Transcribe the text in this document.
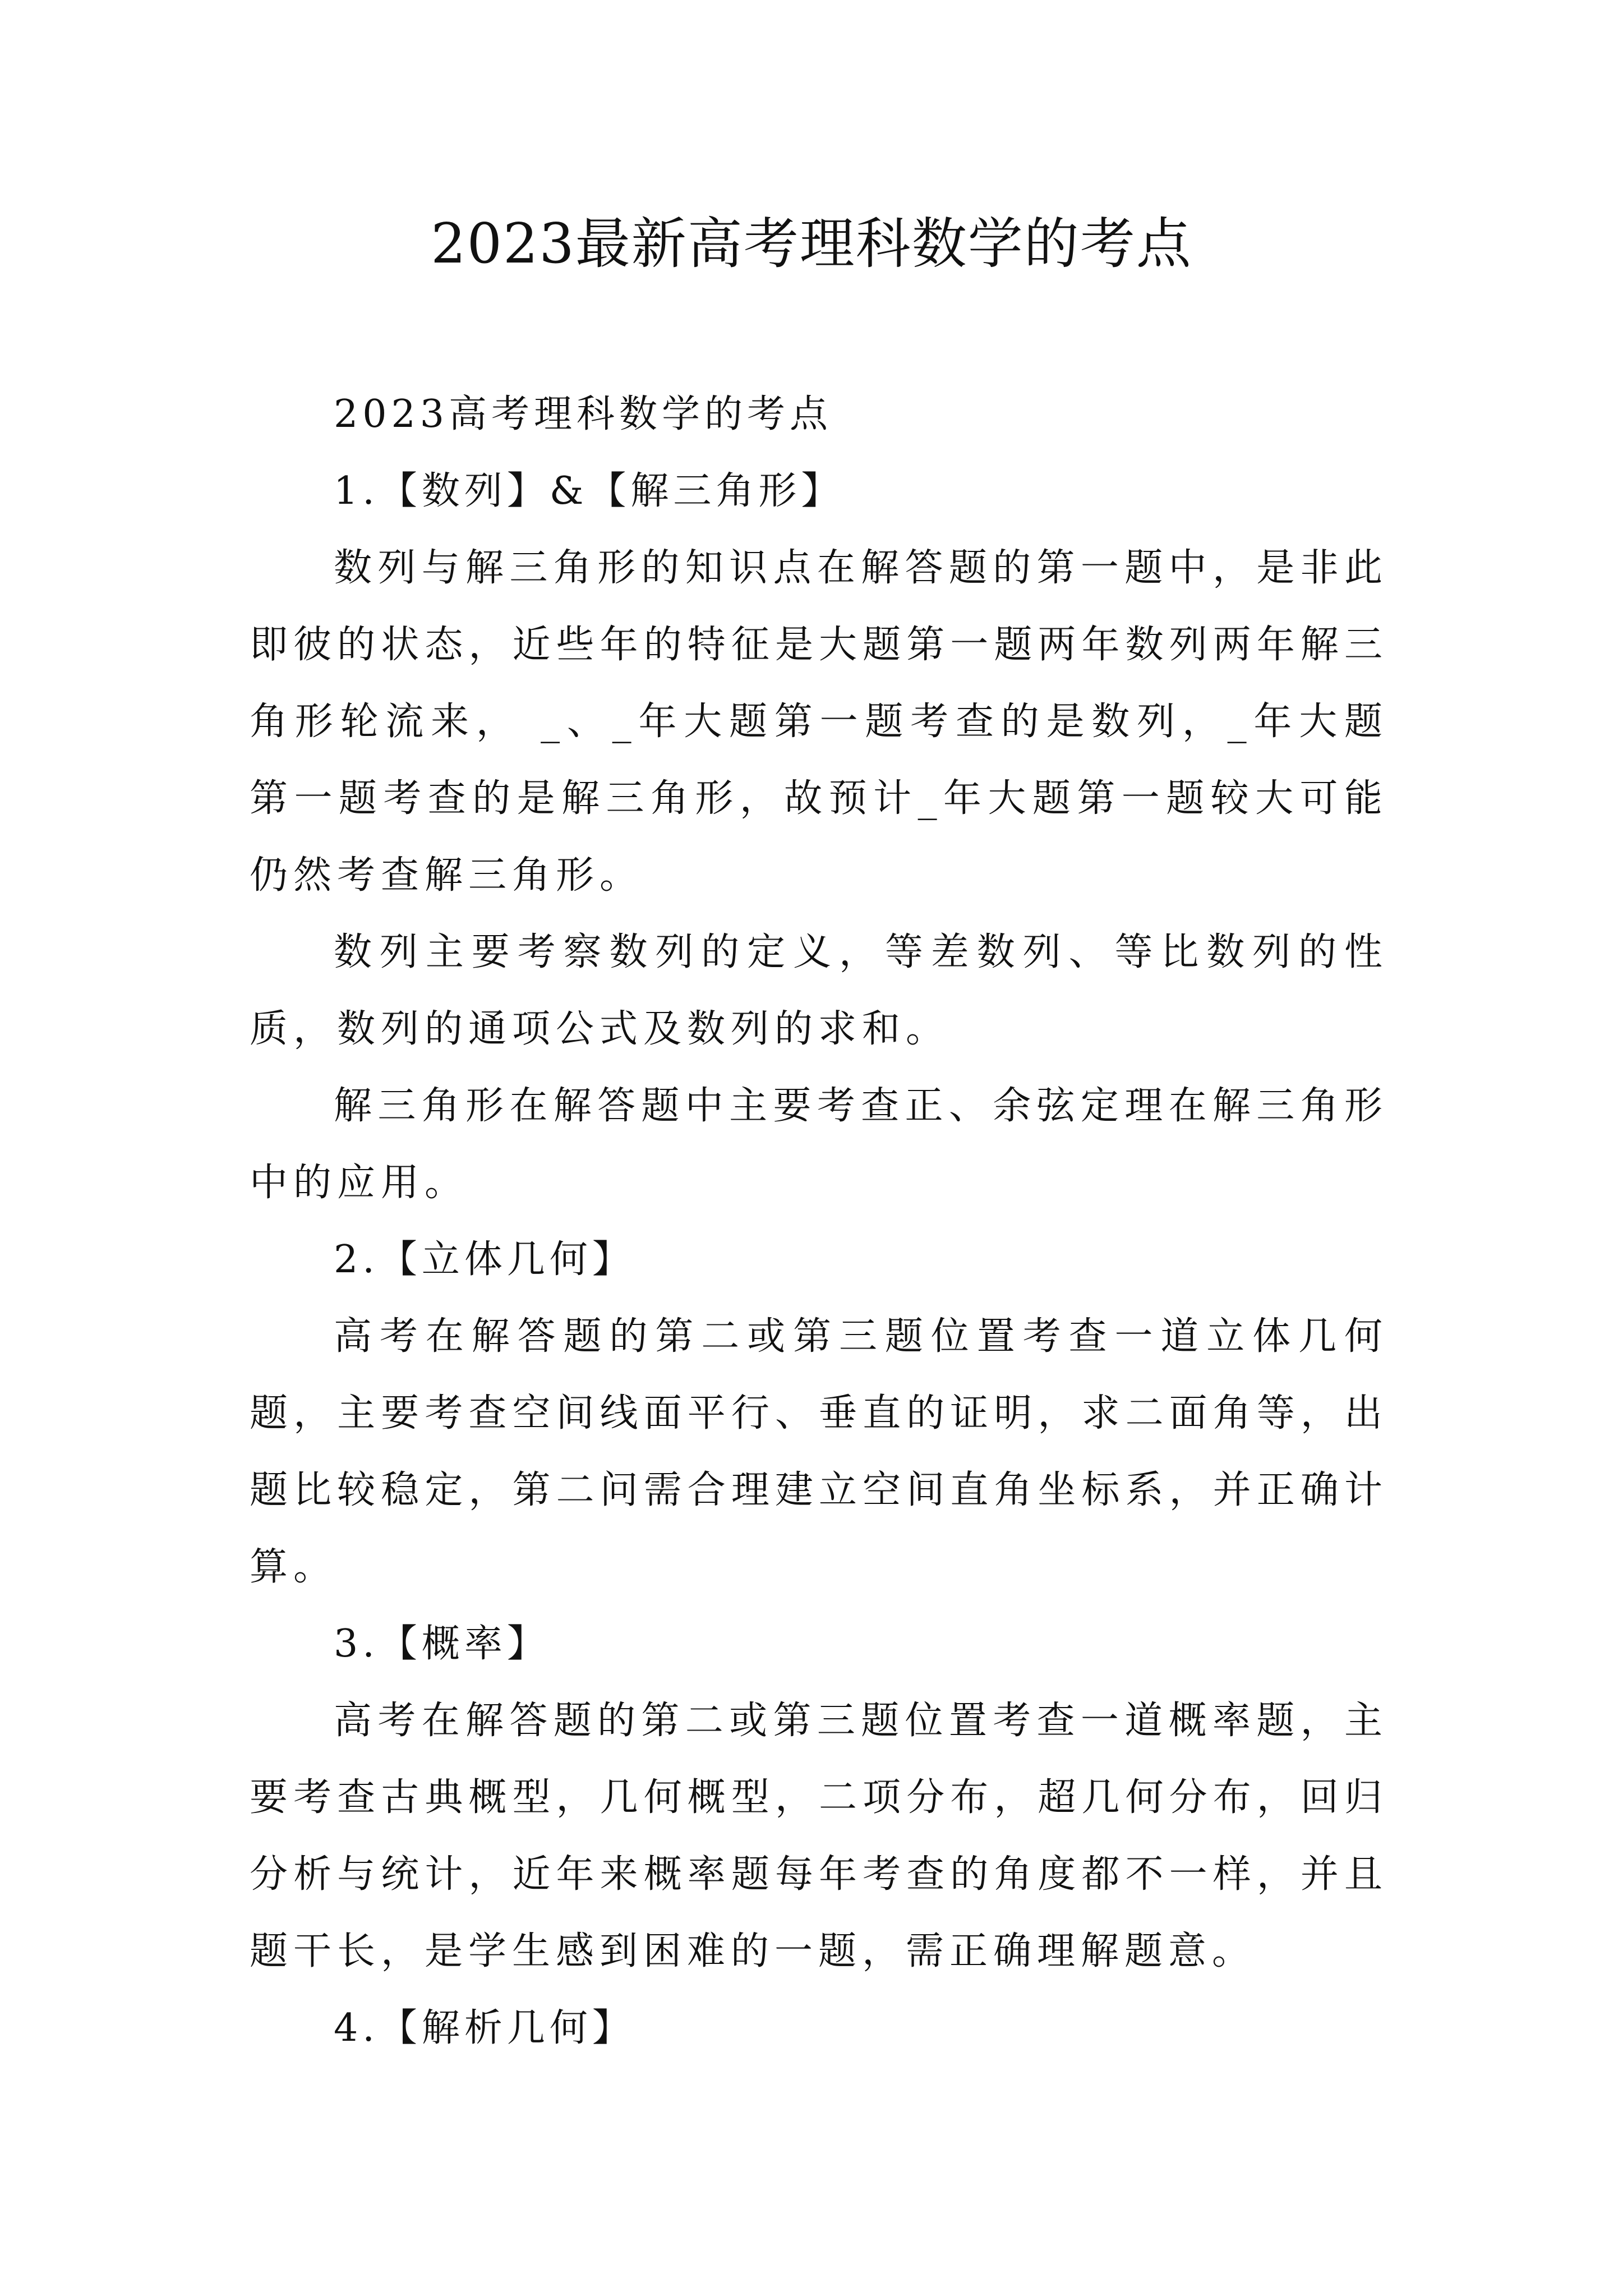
2023最新高考理科数学的考点

2023高考理科数学的考点

1.【数列】&【解三角形】

数列与解三角形的知识点在解答题的第一题中，是非此即彼的状态，近些年的特征是大题第一题两年数列两年解三角形轮流来， _、_年大题第一题考查的是数列，_年大题第一题考查的是解三角形，故预计_年大题第一题较大可能仍然考查解三角形。

数列主要考察数列的定义，等差数列、等比数列的性质，数列的通项公式及数列的求和。

解三角形在解答题中主要考查正、余弦定理在解三角形中的应用。

2.【立体几何】

高考在解答题的第二或第三题位置考查一道立体几何题，主要考查空间线面平行、垂直的证明，求二面角等，出题比较稳定，第二问需合理建立空间直角坐标系，并正确计算。

3.【概率】

高考在解答题的第二或第三题位置考查一道概率题，主要考查古典概型，几何概型，二项分布，超几何分布，回归分析与统计，近年来概率题每年考查的角度都不一样，并且题干长，是学生感到困难的一题，需正确理解题意。

4.【解析几何】
